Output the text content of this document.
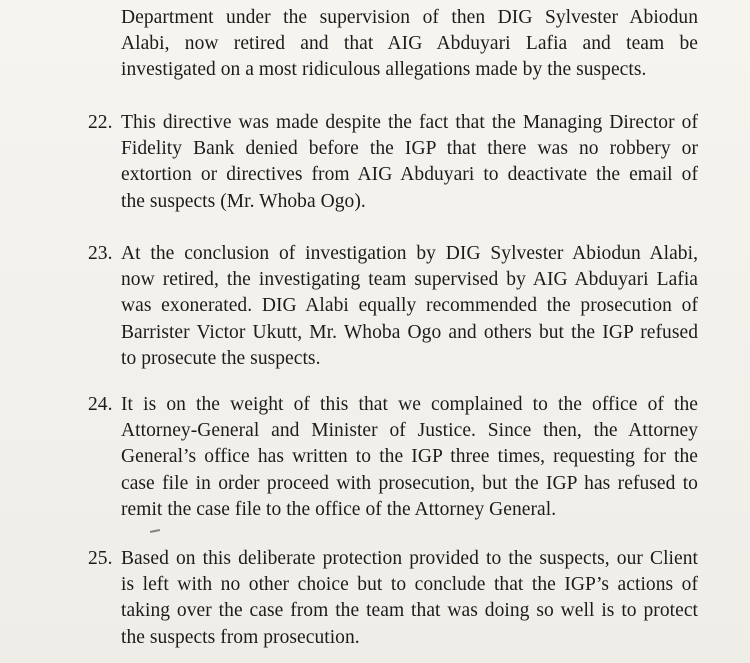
Department under the supervision of then DIG Sylvester Abiodun
Alabi, now retired and that AIG Abduyari Lafia and team be
investigated on a most ridiculous allegations made by the suspects.
22. This directive was made despite the fact that the Managing Director of
Fidelity Bank denied before the IGP that there was no robbery or
extortion or directives from AIG Abduyari to deactivate the email of
the suspects (Mr. Whoba Ogo).
23. At the conclusion of investigation by DIG Sylvester Abiodun Alabi,
now retired, the investigating team supervised by AIG Abduyari Lafia
was exonerated. DIG Alabi equally recommended the prosecution of
Barrister Victor Ukutt, Mr. Whoba Ogo and others but the IGP refused
to prosecute the suspects.
24. It is on the weight of this that we complained to the office of the
Attorney-General and Minister of Justice. Since then, the Attorney
General’s office has written to the IGP three times, requesting for the
case file in order proceed with prosecution, but the IGP has refused to
remit the case file to the office of the Attorney General.
25. Based on this deliberate protection provided to the suspects, our Client
is left with no other choice but to conclude that the IGP’s actions of
taking over the case from the team that was doing so well is to protect
the suspects from prosecution.
